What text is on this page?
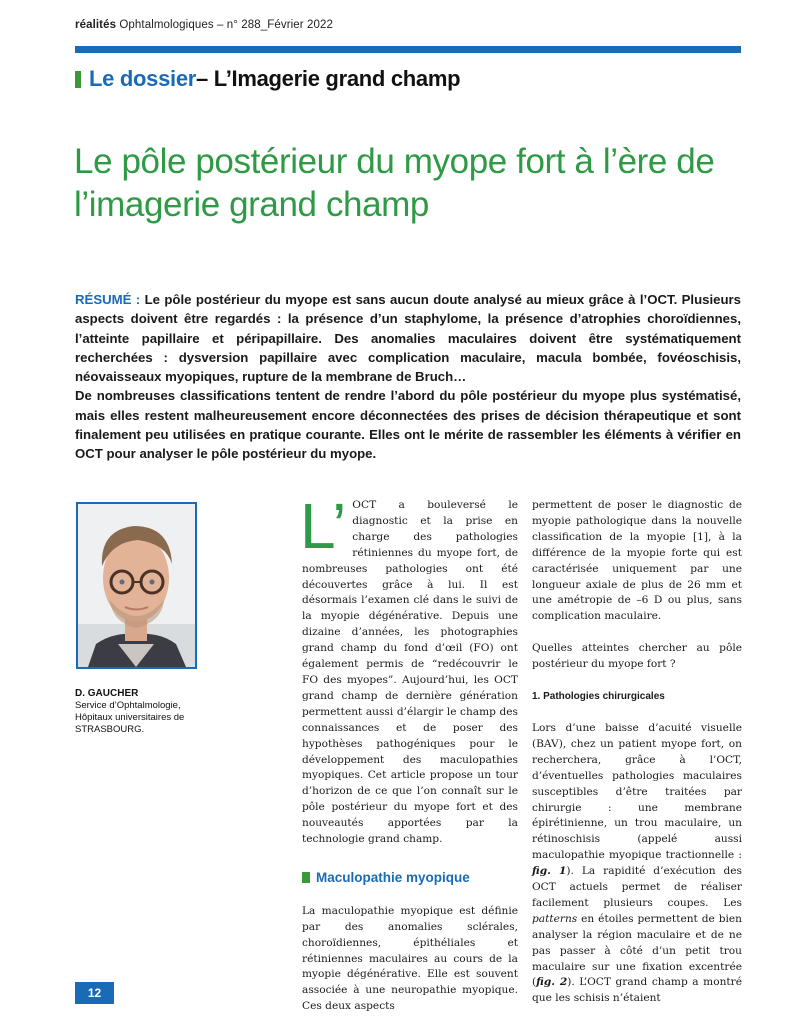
réalités Ophtalmologiques – n° 288_Février 2022
Le dossier – L’Imagerie grand champ
Le pôle postérieur du myope fort à l’ère de l’imagerie grand champ

RÉSUMÉ : Le pôle postérieur du myope est sans aucun doute analysé au mieux grâce à l’OCT. Plusieurs aspects doivent être regardés : la présence d’un staphylome, la présence d’atrophies choroïdiennes, l’atteinte papillaire et péripapillaire. Des anomalies maculaires doivent être systématiquement recherchées : dysversion papillaire avec complication maculaire, macula bombée, fovéoschisis, néovaisseaux myopiques, rupture de la membrane de Bruch…

De nombreuses classifications tentent de rendre l’abord du pôle postérieur du myope plus systématisé, mais elles restent malheureusement encore déconnectées des prises de décision thérapeutique et sont finalement peu utilisées en pratique courante. Elles ont le mérite de rassembler les éléments à vérifier en OCT pour analyser le pôle postérieur du myope.

D. GAUCHER
Service d’Ophtalmologie,
Hôpitaux universitaires de
STRASBOURG.
L’ OCT a bouleversé le diagnostic et la prise en charge des pathologies rétiniennes du myope fort, de nombreuses pathologies ont été découvertes grâce à lui. Il est désormais l’examen clé dans le suivi de la myopie dégénérative. Depuis une dizaine d’années, les photographies grand champ du fond d’œil (FO) ont également permis de “redécouvrir le FO des myopes”. Aujourd’hui, les OCT grand champ de dernière génération permettent aussi d’élargir le champ des connaissances et de poser des hypothèses pathogéniques pour le développement des maculopathies myopiques. Cet article propose un tour d’horizon de ce que l’on connaît sur le pôle postérieur du myope fort et des nouveautés apportées par la technologie grand champ.

Maculopathie myopique

La maculopathie myopique est définie par des anomalies sclérales, choroïdiennes, épithéliales et rétiniennes maculaires au cours de la myopie dégénérative. Elle est souvent associée à une neuropathie myopique. Ces deux aspects

permettent de poser le diagnostic de myopie pathologique dans la nouvelle classification de la myopie [1], à la différence de la myopie forte qui est caractérisée uniquement par une longueur axiale de plus de 26 mm et une amétropie de –6 D ou plus, sans complication maculaire.

Quelles atteintes chercher au pôle postérieur du myope fort ?

1. Pathologies chirurgicales

Lors d’une baisse d’acuité visuelle (BAV), chez un patient myope fort, on recherchera, grâce à l’OCT, d’éventuelles pathologies maculaires susceptibles d’être traitées par chirurgie : une membrane épirétinienne, un trou maculaire, un rétinoschisis (appelé aussi maculopathie myopique tractionnelle : fig. 1). La rapidité d’exécution des OCT actuels permet de réaliser facilement plusieurs coupes. Les patterns en étoiles permettent de bien analyser la région maculaire et de ne pas passer à côté d’un petit trou maculaire sur une fixation excentrée (fig. 2). L’OCT grand champ a montré que les schisis n’étaient

12
